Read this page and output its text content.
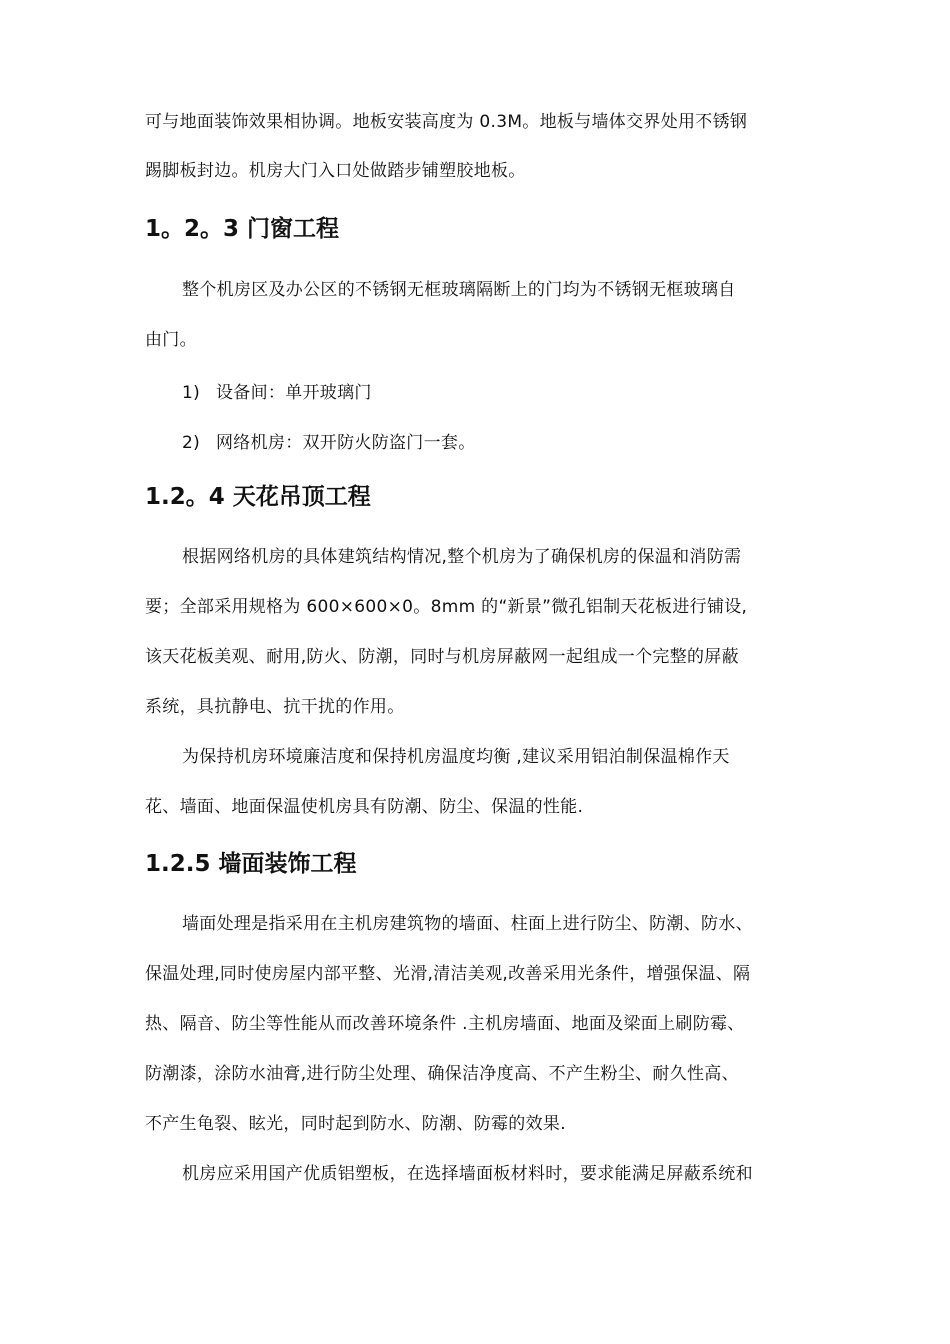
可与地面装饰效果相协调。地板安装高度为 0.3M。地板与墙体交界处用不锈钢
踢脚板封边。机房大门入口处做踏步铺塑胶地板。
1。2。3 门窗工程
整个机房区及办公区的不锈钢无框玻璃隔断上的门均为不锈钢无框玻璃自
由门。
1) 设备间：单开玻璃门
2) 网络机房：双开防火防盗门一套。
1.2。4 天花吊顶工程
根据网络机房的具体建筑结构情况,整个机房为了确保机房的保温和消防需
要；全部采用规格为 600×600×0。8mm 的“新景”微孔铝制天花板进行铺设,
该天花板美观、耐用,防火、防潮，同时与机房屏蔽网一起组成一个完整的屏蔽
系统，具抗静电、抗干扰的作用。
为保持机房环境廉洁度和保持机房温度均衡 ,建议采用铝泊制保温棉作天
花、墙面、地面保温使机房具有防潮、防尘、保温的性能.
1.2.5 墙面装饰工程
墙面处理是指采用在主机房建筑物的墙面、柱面上进行防尘、防潮、防水、
保温处理,同时使房屋内部平整、光滑,清洁美观,改善采用光条件，增强保温、隔
热、隔音、防尘等性能从而改善环境条件 .主机房墙面、地面及梁面上刷防霉、
防潮漆，涂防水油膏,进行防尘处理、确保洁净度高、不产生粉尘、耐久性高、
不产生龟裂、眩光，同时起到防水、防潮、防霉的效果.
机房应采用国产优质铝塑板，在选择墙面板材料时，要求能满足屏蔽系统和
